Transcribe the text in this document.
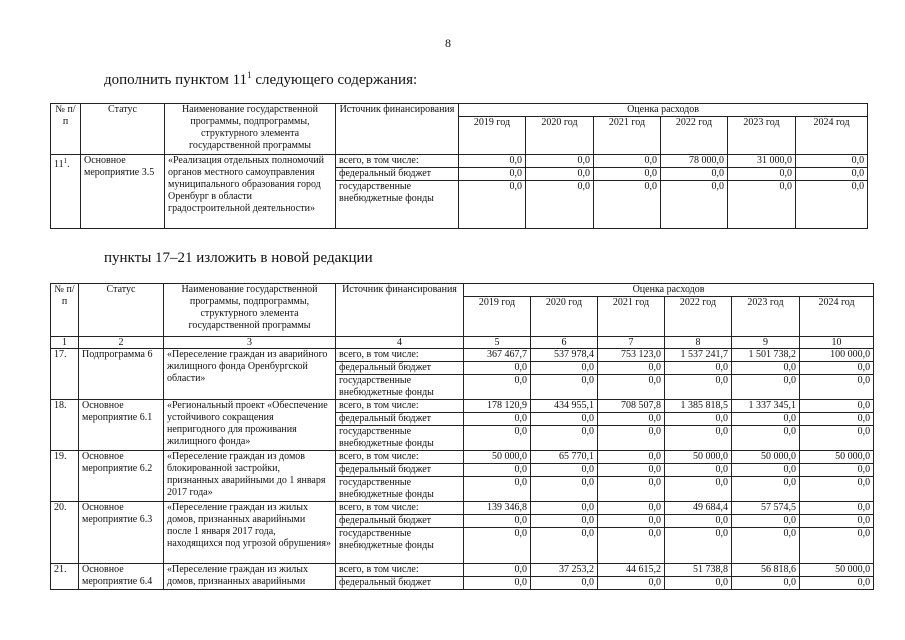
8
дополнить пунктом $11^1$ следующего содержания:
№ п/п	Статус	Наименование государственной программы, подпрограммы, структурного элемента государственной программы	Источник финансирования	Оценка расходов					
				2019 год	2020 год	2021 год	2022 год	2023 год	2024 год
$11^1$.	Основное мероприятие 3.5	«Реализация отдельных полномочий органов местного самоуправления муниципального образования город Оренбург в области градостроительной деятельности»	всего, в том числе:	0,0	0,0	0,0	78 000,0	31 000,0	0,0
			федеральный бюджет	0,0	0,0	0,0	0,0	0,0	0,0
			государственные внебюджетные фонды	0,0	0,0	0,0	0,0	0,0	0,0
пункты 17–21 изложить в новой редакции
№ п/п	Статус	Наименование государственной программы, подпрограммы, структурного элемента государственной программы	Источник финансирования	Оценка расходов					
				2019 год	2020 год	2021 год	2022 год	2023 год	2024 год
1	2	3	4	5	6	7	8	9	10
17.	Подпрограмма 6	«Переселение граждан из аварийного жилищного фонда Оренбургской области»	всего, в том числе:	367 467,7	537 978,4	753 123,0	1 537 241,7	1 501 738,2	100 000,0
			федеральный бюджет	0,0	0,0	0,0	0,0	0,0	0,0
			государственные внебюджетные фонды	0,0	0,0	0,0	0,0	0,0	0,0
18.	Основное мероприятие 6.1	«Региональный проект «Обеспечение устойчивого сокращения непригодного для проживания жилищного фонда»	всего, в том числе:	178 120,9	434 955,1	708 507,8	1 385 818,5	1 337 345,1	0,0
			федеральный бюджет	0,0	0,0	0,0	0,0	0,0	0,0
			государственные внебюджетные фонды	0,0	0,0	0,0	0,0	0,0	0,0
19.	Основное мероприятие 6.2	«Переселение граждан из домов блокированной застройки, признанных аварийными до 1 января 2017 года»	всего, в том числе:	50 000,0	65 770,1	0,0	50 000,0	50 000,0	50 000,0
			федеральный бюджет	0,0	0,0	0,0	0,0	0,0	0,0
			государственные внебюджетные фонды	0,0	0,0	0,0	0,0	0,0	0,0
20.	Основное мероприятие 6.3	«Переселение граждан из жилых домов, признанных аварийными после 1 января 2017 года, находящихся под угрозой обрушения»	всего, в том числе:	139 346,8	0,0	0,0	49 684,4	57 574,5	0,0
			федеральный бюджет	0,0	0,0	0,0	0,0	0,0	0,0
			государственные внебюджетные фонды	0,0	0,0	0,0	0,0	0,0	0,0
21.	Основное мероприятие 6.4	«Переселение граждан из жилых домов, признанных аварийными	всего, в том числе:	0,0	37 253,2	44 615,2	51 738,8	56 818,6	50 000,0
			федеральный бюджет	0,0	0,0	0,0	0,0	0,0	0,0
